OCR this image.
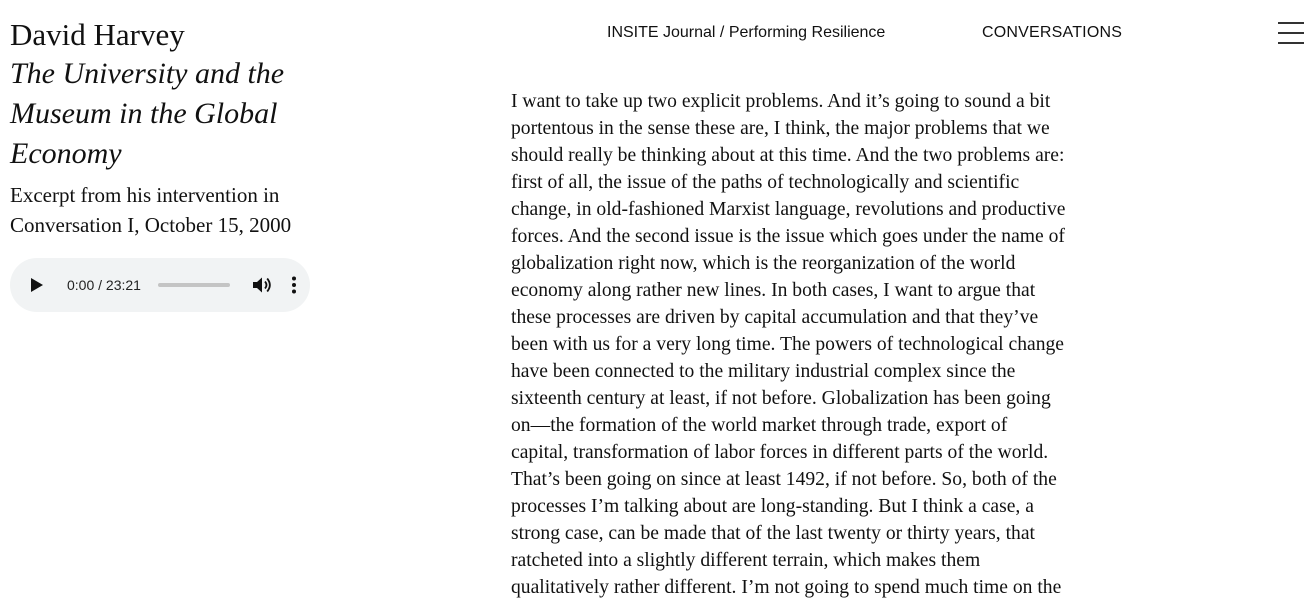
David Harvey
The University and the
Museum in the Global
Economy
Excerpt from his intervention in
Conversation I, October 15, 2000
0:00 / 23:21
INSITE Journal / Performing Resilience	CONVERSATIONS
I want to take up two explicit problems. And it’s going to sound a bit
portentous in the sense these are, I think, the major problems that we
should really be thinking about at this time. And the two problems are:
first of all, the issue of the paths of technologically and scientific
change, in old-fashioned Marxist language, revolutions and productive
forces. And the second issue is the issue which goes under the name of
globalization right now, which is the reorganization of the world
economy along rather new lines. In both cases, I want to argue that
these processes are driven by capital accumulation and that they’ve
been with us for a very long time. The powers of technological change
have been connected to the military industrial complex since the
sixteenth century at least, if not before. Globalization has been going
on—the formation of the world market through trade, export of
capital, transformation of labor forces in different parts of the world.
That’s been going on since at least 1492, if not before. So, both of the
processes I’m talking about are long-standing. But I think a case, a
strong case, can be made that of the last twenty or thirty years, that
ratcheted into a slightly different terrain, which makes them
qualitatively rather different. I’m not going to spend much time on the
